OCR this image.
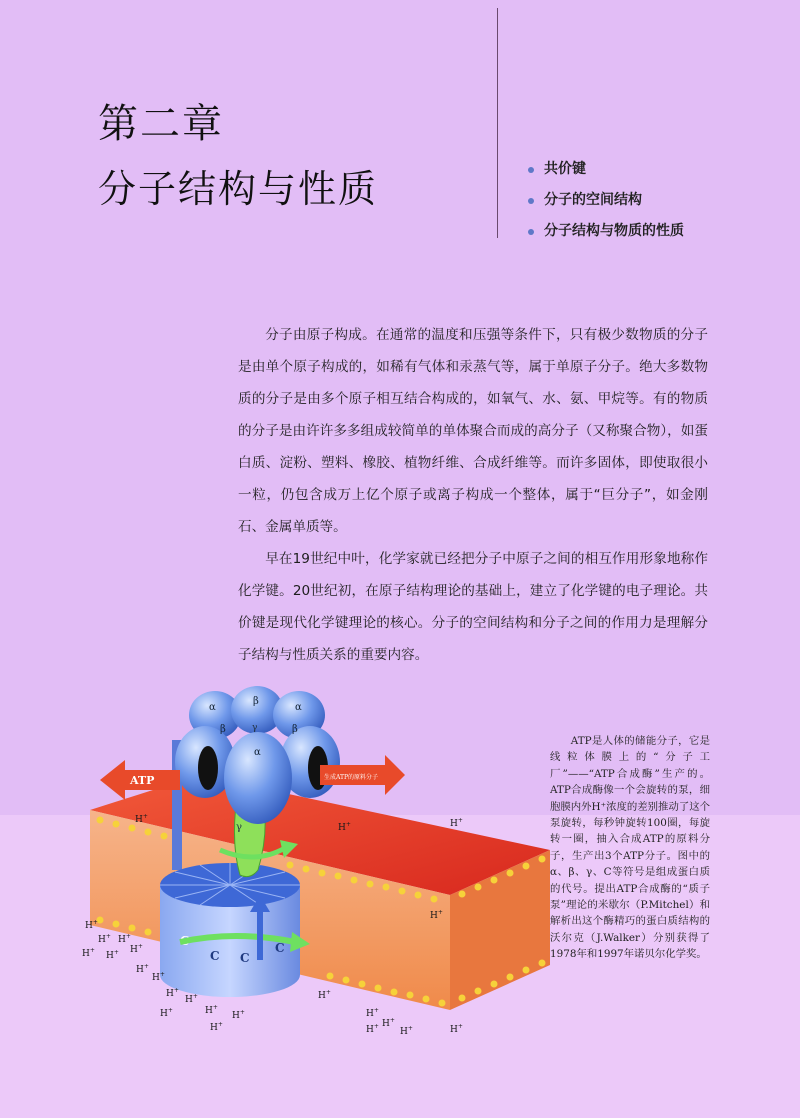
第二章
分子结构与性质	共价键
分子的空间结构
分子结构与物质的性质

分子由原子构成。在通常的温度和压强等条件下，只有极少数物质的分子是由单个原子构成的，如稀有气体和汞蒸气等，属于单原子分子。绝大多数物质的分子是由多个原子相互结合构成的，如氧气、水、氨、甲烷等。有的物质的分子是由许许多多组成较简单的单体聚合而成的高分子（又称聚合物），如蛋白质、淀粉、塑料、橡胶、植物纤维、合成纤维等。而许多固体，即使取很小一粒，仍包含成万上亿个原子或离子构成一个整体，属于“巨分子”，如金刚石、金属单质等。

早在19世纪中叶，化学家就已经把分子中原子之间的相互作用形象地称作化学键。20世纪初，在原子结构理论的基础上，建立了化学键的电子理论。共价键是现代化学键理论的核心。分子的空间结构和分子之间的作用力是理解分子结构与性质关系的重要内容。

C
C C
C
γ
α
β
α
β	β
α
γ
ATP	生成ATP的原料分子
H+
H+	H+
H+
H+
H+ H+
H+
H+ H+
H+
H+
H+
H+
H+	H+
H+
H+
H+
H+
H+
H+
H+	H+

ATP是人体的储能分子，它是线粒体膜上的“分子工厂”——“ATP合成酶”生产的。ATP合成酶像一个会旋转的泵，细胞膜内外H⁺浓度的差别推动了这个泵旋转，每秒钟旋转100圈，每旋转一圈，抽入合成ATP的原料分子，生产出3个ATP分子。图中的α、β、γ、C等符号是组成蛋白质的代号。提出ATP合成酶的“质子泵”理论的米歇尔（P.Mitchel）和解析出这个酶精巧的蛋白质结构的沃尔克（J.Walker）分别获得了1978年和1997年诺贝尔化学奖。
